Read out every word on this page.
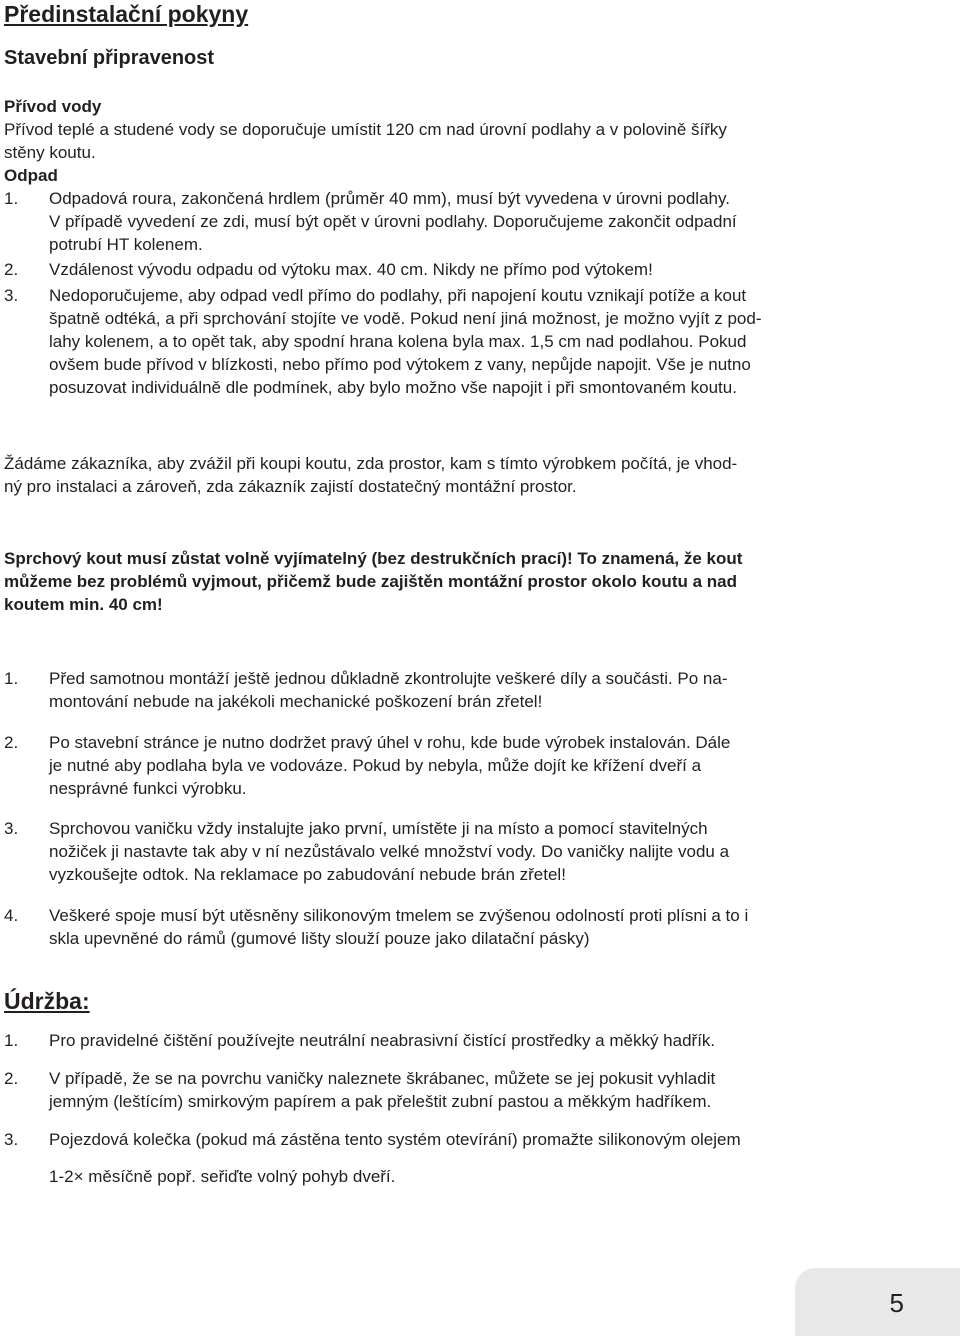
Předinstalační pokyny
Stavební připravenost
Přívod vody
Přívod teplé a studené vody se doporučuje umístit 120 cm nad úrovní podlahy a v polovině šířky
stěny koutu.
Odpad
1.	Odpadová roura, zakončená hrdlem (průměr 40 mm), musí být vyvedena v úrovni podlahy.
V případě vyvedení ze zdi, musí být opět v úrovni podlahy. Doporučujeme zakončit odpadní
potrubí HT kolenem.
2.	Vzdálenost vývodu odpadu od výtoku max. 40 cm. Nikdy ne přímo pod výtokem!
3.	Nedoporučujeme, aby odpad vedl přímo do podlahy, při napojení koutu vznikají potíže a kout
špatně odtéká, a při sprchování stojíte ve vodě. Pokud není jiná možnost, je možno vyjít z pod-
lahy kolenem, a to opět tak, aby spodní hrana kolena byla max. 1,5 cm nad podlahou. Pokud
ovšem bude přívod v blízkosti, nebo přímo pod výtokem z vany, nepůjde napojit. Vše je nutno
posuzovat individuálně dle podmínek, aby bylo možno vše napojit i při smontovaném koutu.
Žádáme zákazníka, aby zvážil při koupi koutu, zda prostor, kam s tímto výrobkem počítá, je vhod-
ný pro instalaci a zároveň, zda zákazník zajistí dostatečný montážní prostor.
Sprchový kout musí zůstat volně vyjímatelný (bez destrukčních prací)! To znamená, že kout
můžeme bez problémů vyjmout, přičemž bude zajištěn montážní prostor okolo koutu a nad
koutem min. 40 cm!
1.	Před samotnou montáží ještě jednou důkladně zkontrolujte veškeré díly a součásti. Po na-
montování nebude na jakékoli mechanické poškození brán zřetel!
2.	Po stavební stránce je nutno dodržet pravý úhel v rohu, kde bude výrobek instalován. Dále
je nutné aby podlaha byla ve vodováze. Pokud by nebyla, může dojít ke křížení dveří a
nesprávné funkci výrobku.
3.	Sprchovou vaničku vždy instalujte jako první, umístěte ji na místo a pomocí stavitelných
nožiček ji nastavte tak aby v ní nezůstávalo velké množství vody. Do vaničky nalijte vodu a
vyzkoušejte odtok. Na reklamace po zabudování nebude brán zřetel!
4.	Veškeré spoje musí být utěsněny silikonovým tmelem se zvýšenou odolností proti plísni a to i
skla upevněné do rámů (gumové lišty slouží pouze jako dilatační pásky)
Údržba:
1.	Pro pravidelné čištění používejte neutrální neabrasivní čistící prostředky a měkký hadřík.
2.	V případě, že se na povrchu vaničky naleznete škrábanec, můžete se jej pokusit vyhladit
jemným (leštícím) smirkovým papírem a pak přeleštit zubní pastou a měkkým hadříkem.
3.	Pojezdová kolečka (pokud má zástěna tento systém otevírání) promažte silikonovým olejem
1-2× měsíčně popř. seřiďte volný pohyb dveří.
5
